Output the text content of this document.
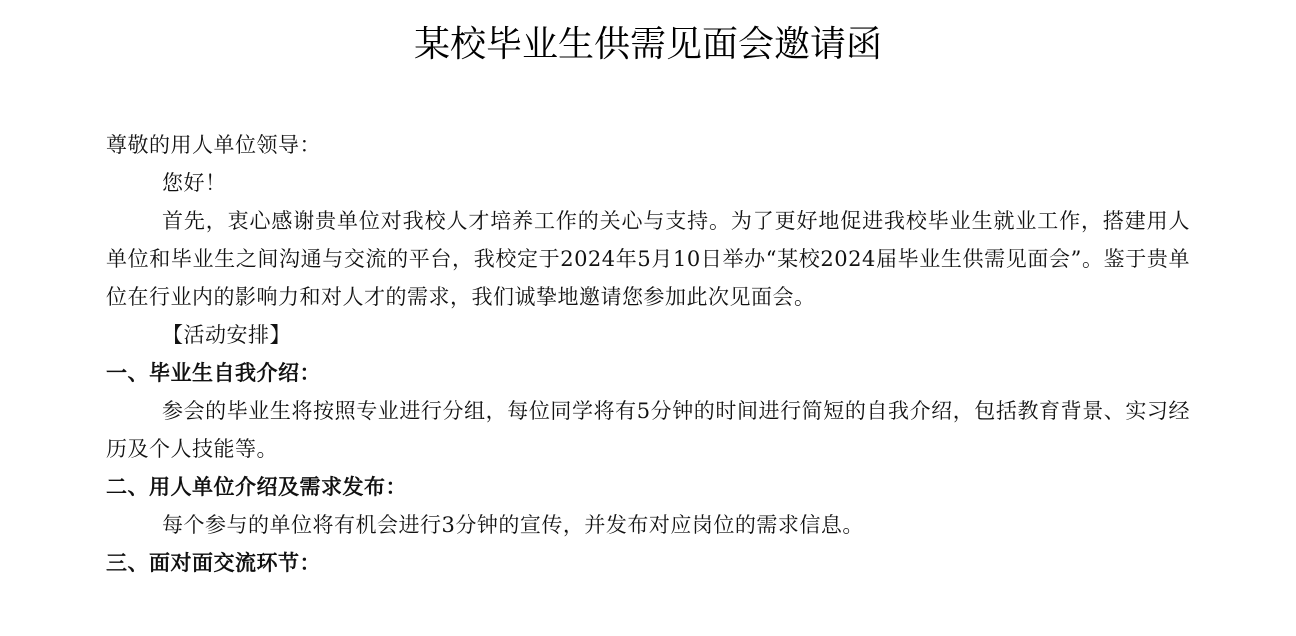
某校毕业生供需见面会邀请函

尊敬的用人单位领导：

您好！

首先，衷心感谢贵单位对我校人才培养工作的关心与支持。为了更好地促进我校毕业生就业工作，搭建用人单位和毕业生之间沟通与交流的平台，我校定于2024年5月10日举办“某校2024届毕业生供需见面会”。鉴于贵单位在行业内的影响力和对人才的需求，我们诚挚地邀请您参加此次见面会。

【活动安排】

一、毕业生自我介绍：

参会的毕业生将按照专业进行分组，每位同学将有5分钟的时间进行简短的自我介绍，包括教育背景、实习经历及个人技能等。

二、用人单位介绍及需求发布：

每个参与的单位将有机会进行3分钟的宣传，并发布对应岗位的需求信息。

三、面对面交流环节：
